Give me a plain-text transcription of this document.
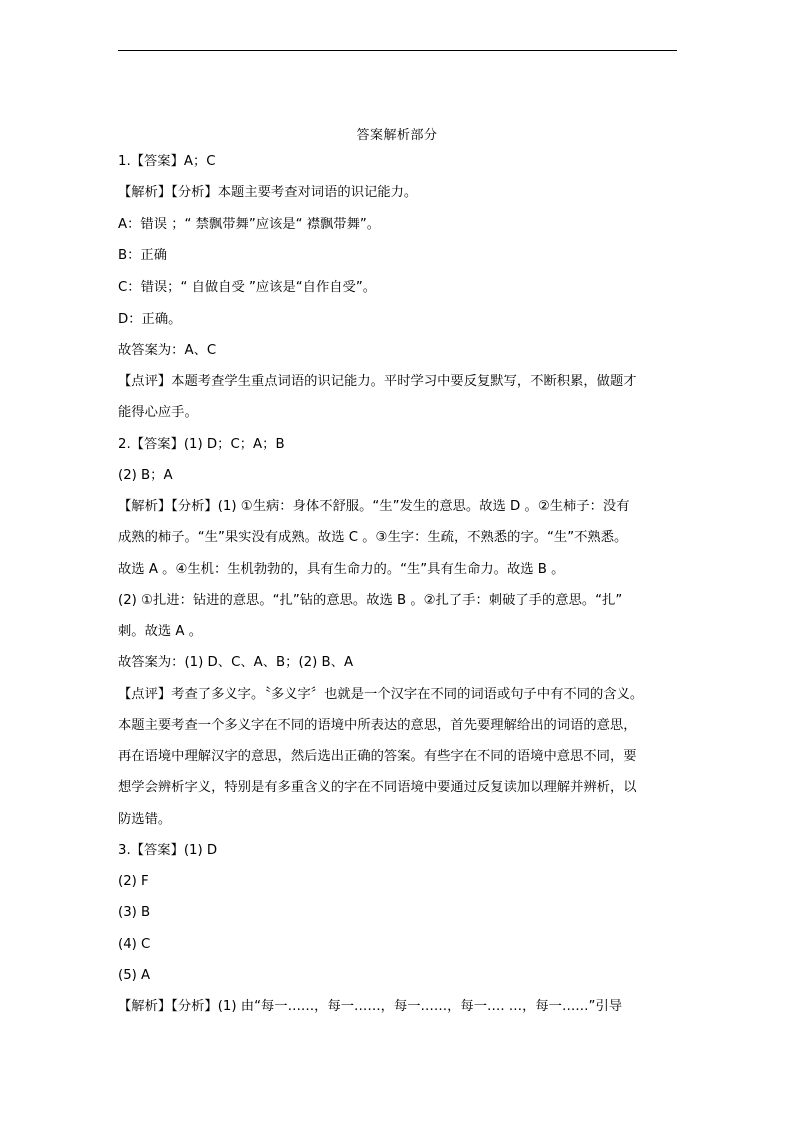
答案解析部分
1.【答案】A；C
【解析】【分析】本题主要考查对词语的识记能力。
A：错误 ；“ 禁飘带舞”应该是“ 襟飘带舞”。
B：正确
C：错误；“ 自做自受 ”应该是“自作自受”。
D：正确。
故答案为：A、C
【点评】本题考查学生重点词语的识记能力。平时学习中要反复默写，不断积累，做题才
能得心应手。
2.【答案】(1) D；C；A；B
(2) B；A
【解析】【分析】(1) ①生病：身体不舒服。“生”发生的意思。故选 D 。②生柿子：没有
成熟的柿子。“生”果实没有成熟。故选 C 。③生字：生疏，不熟悉的字。“生”不熟悉。
故选 A 。④生机：生机勃勃的，具有生命力的。“生”具有生命力。故选 B 。
(2) ①扎进：钻进的意思。“扎”钻的意思。故选 B 。②扎了手：刺破了手的意思。“扎”
刺。故选 A 。
故答案为：(1) D、C、A、B；(2) B、A
【点评】考查了多义字。〝多义字〞也就是一个汉字在不同的词语或句子中有不同的含义。
本题主要考查一个多义字在不同的语境中所表达的意思，首先要理解给出的词语的意思，
再在语境中理解汉字的意思，然后选出正确的答案。有些字在不同的语境中意思不同，要
想学会辨析字义，特别是有多重含义的字在不同语境中要通过反复读加以理解并辨析，以
防选错。
3.【答案】(1) D
(2) F
(3) B
(4) C
(5) A
【解析】【分析】(1) 由“每一……，每一……，每一……，每一…. …，每一……”引导
